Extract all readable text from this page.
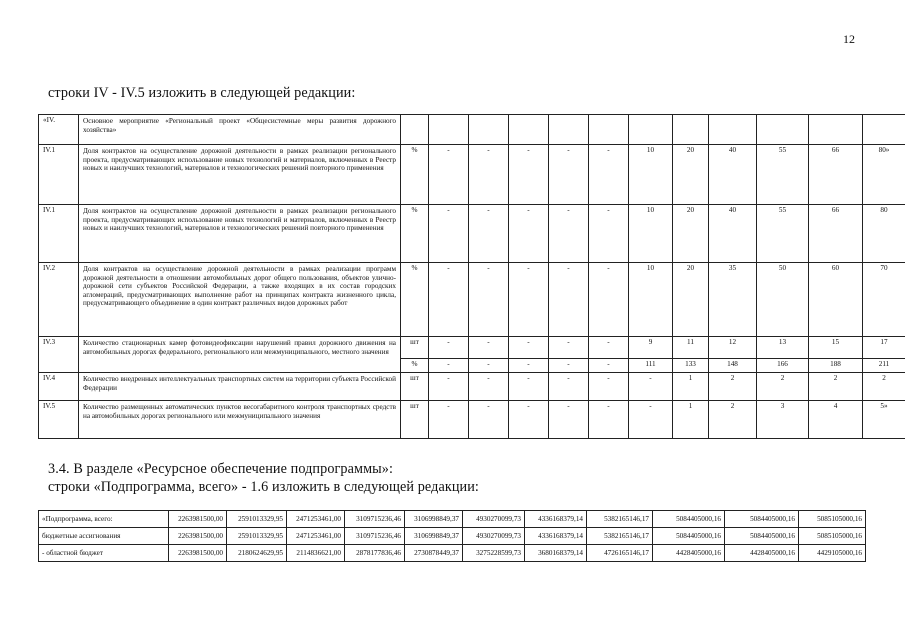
12
строки IV - IV.5 изложить в следующей редакции:
3.4. В разделе «Ресурсное обеспечение подпрограммы»:
строки «Подпрограмма, всего» - 1.6 изложить в следующей редакции:
«IV.	Основное мероприятие «Региональный проект «Общесистемные меры развития дорожного хозяйства»												
IV.1	Доля контрактов на осуществление дорожной деятельности в рамках реализации регионального проекта, предусматривающих использование новых технологий и материалов, включенных в Реестр новых и наилучших технологий, материалов и технологических решений повторного применения	%	-	-	-	-	-	10	20	40	55	66	80»
IV.1	Доля контрактов на осуществление дорожной деятельности в рамках реализации регионального проекта, предусматривающих использование новых технологий и материалов, включенных в Реестр новых и наилучших технологий, материалов и технологических решений повторного применения	%	-	-	-	-	-	10	20	40	55	66	80
IV.2	Доля контрактов на осуществление дорожной деятельности в рамках реализации программ дорожной деятельности в отношении автомобильных дорог общего пользования, объектов улично-дорожной сети субъектов Российской Федерации, а также входящих в их состав городских агломераций, предусматривающих выполнение работ на принципах контракта жизненного цикла, предусматривающего объединение в один контракт различных видов дорожных работ	%	-	-	-	-	-	10	20	35	50	60	70
IV.3	Количество стационарных камер фотовидеофиксации нарушений правил дорожного движения на автомобильных дорогах федерального, регионального или межмуниципального, местного значения	шт	-	-	-	-	-	9	11	12	13	15	17
		%	-	-	-	-	-	111	133	148	166	188	211
IV.4	Количество внедренных интеллектуальных транспортных систем на территории субъекта Российской Федерации	шт	-	-	-	-	-	-	1	2	2	2	2
IV.5	Количество размещенных автоматических пунктов весогабаритного контроля транспортных средств на автомобильных дорогах регионального или межмуниципального значения	шт	-	-	-	-	-	-	1	2	3	4	5»
«Подпрограмма, всего:	2263981500,00	2591013329,95	2471253461,00	3109715236,46	3106998849,37	4930270099,73	4336168379,14	5382165146,17	5084405000,16	5084405000,16	5085105000,16
бюджетные ассигнования	2263981500,00	2591013329,95	2471253461,00	3109715236,46	3106998849,37	4930270099,73	4336168379,14	5382165146,17	5084405000,16	5084405000,16	5085105000,16
- областной бюджет	2263981500,00	2180624629,95	2114836621,00	2878177836,46	2730878449,37	3275228599,73	3680168379,14	4726165146,17	4428405000,16	4428405000,16	4429105000,16
